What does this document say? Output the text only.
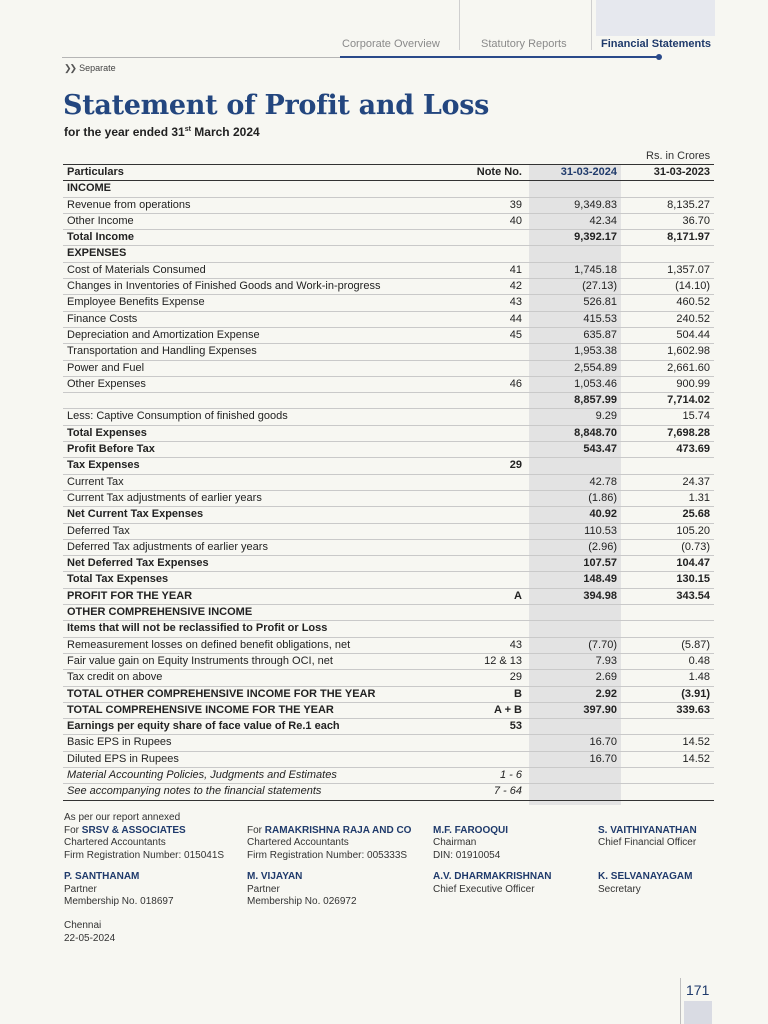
Corporate Overview	Statutory Reports	Financial Statements
❯❯ Separate
Statement of Profit and Loss
for the year ended 31st March 2024
Rs. in Crores
Particulars	Note No.	31-03-2024	31-03-2023
INCOME			
Revenue from operations	39	9,349.83	8,135.27
Other Income	40	42.34	36.70
Total Income		9,392.17	8,171.97
EXPENSES			
Cost of Materials Consumed	41	1,745.18	1,357.07
Changes in Inventories of Finished Goods and Work-in-progress	42	(27.13)	(14.10)
Employee Benefits Expense	43	526.81	460.52
Finance Costs	44	415.53	240.52
Depreciation and Amortization Expense	45	635.87	504.44
Transportation and Handling Expenses		1,953.38	1,602.98
Power and Fuel		2,554.89	2,661.60
Other Expenses	46	1,053.46	900.99
		8,857.99	7,714.02
Less: Captive Consumption of finished goods		9.29	15.74
Total Expenses		8,848.70	7,698.28
Profit Before Tax		543.47	473.69
Tax Expenses	29		
Current Tax		42.78	24.37
Current Tax adjustments of earlier years		(1.86)	1.31
Net Current Tax Expenses		40.92	25.68
Deferred Tax		110.53	105.20
Deferred Tax adjustments of earlier years		(2.96)	(0.73)
Net Deferred Tax Expenses		107.57	104.47
Total Tax Expenses		148.49	130.15
PROFIT FOR THE YEAR	A	394.98	343.54
OTHER COMPREHENSIVE INCOME			
Items that will not be reclassified to Profit or Loss			
Remeasurement losses on defined benefit obligations, net	43	(7.70)	(5.87)
Fair value gain on Equity Instruments through OCI, net	12 & 13	7.93	0.48
Tax credit on above	29	2.69	1.48
TOTAL OTHER COMPREHENSIVE INCOME FOR THE YEAR	B	2.92	(3.91)
TOTAL COMPREHENSIVE INCOME FOR THE YEAR	A + B	397.90	339.63
Earnings per equity share of face value of Re.1 each	53		
Basic EPS in Rupees		16.70	14.52
Diluted EPS in Rupees		16.70	14.52
Material Accounting Policies, Judgments and Estimates	1 - 6		
See accompanying notes to the financial statements	7 - 64		
As per our report annexed
For SRSV & ASSOCIATES
Chartered Accountants
Firm Registration Number: 015041S
For RAMAKRISHNA RAJA AND CO
Chartered Accountants
Firm Registration Number: 005333S
M.F. FAROOQUI
Chairman
DIN: 01910054
S. VAITHIYANATHAN
Chief Financial Officer
P. SANTHANAM
Partner
Membership No. 018697
M. VIJAYAN
Partner
Membership No. 026972
A.V. DHARMAKRISHNAN
Chief Executive Officer
K. SELVANAYAGAM
Secretary
Chennai
22-05-2024
171
